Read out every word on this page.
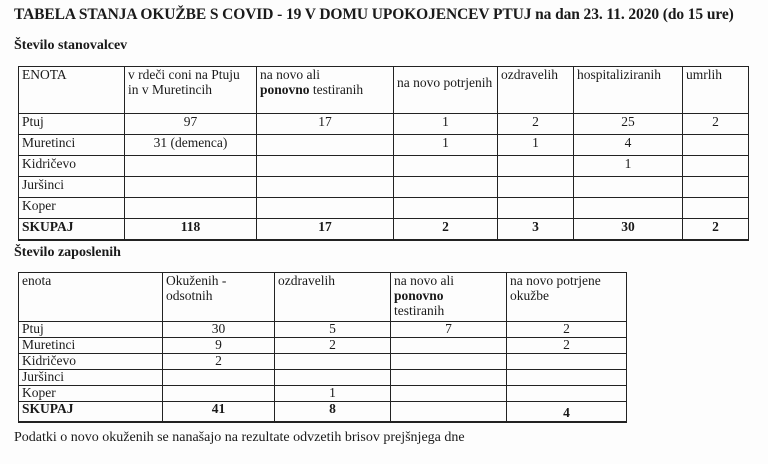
TABELA STANJA OKUŽBE S COVID - 19 V DOMU UPOKOJENCEV PTUJ na dan 23. 11. 2020 (do 15 ure)
Število stanovalcev
ENOTA	v rdeči coni na Ptuju in v Muretincih	na novo ali
ponovno testiranih	na novo potrjenih	ozdravelih	hospitaliziranih	umrlih
Ptuj	97	17	1	2	25	2
Muretinci	31 (demenca)		1	1	4	
Kidričevo					1	
Juršinci						
Koper						
SKUPAJ	118	17	2	3	30	2
Število zaposlenih
enota	Okuženih - odsotnih	ozdravelih	na novo ali
ponovno
testiranih	na novo potrjene okužbe
Ptuj	30	5	7	2
Muretinci	9	2		2
Kidričevo	2			
Juršinci				
Koper		1		
SKUPAJ	41	8		4
Podatki o novo okuženih se nanašajo na rezultate odvzetih brisov prejšnjega dne
